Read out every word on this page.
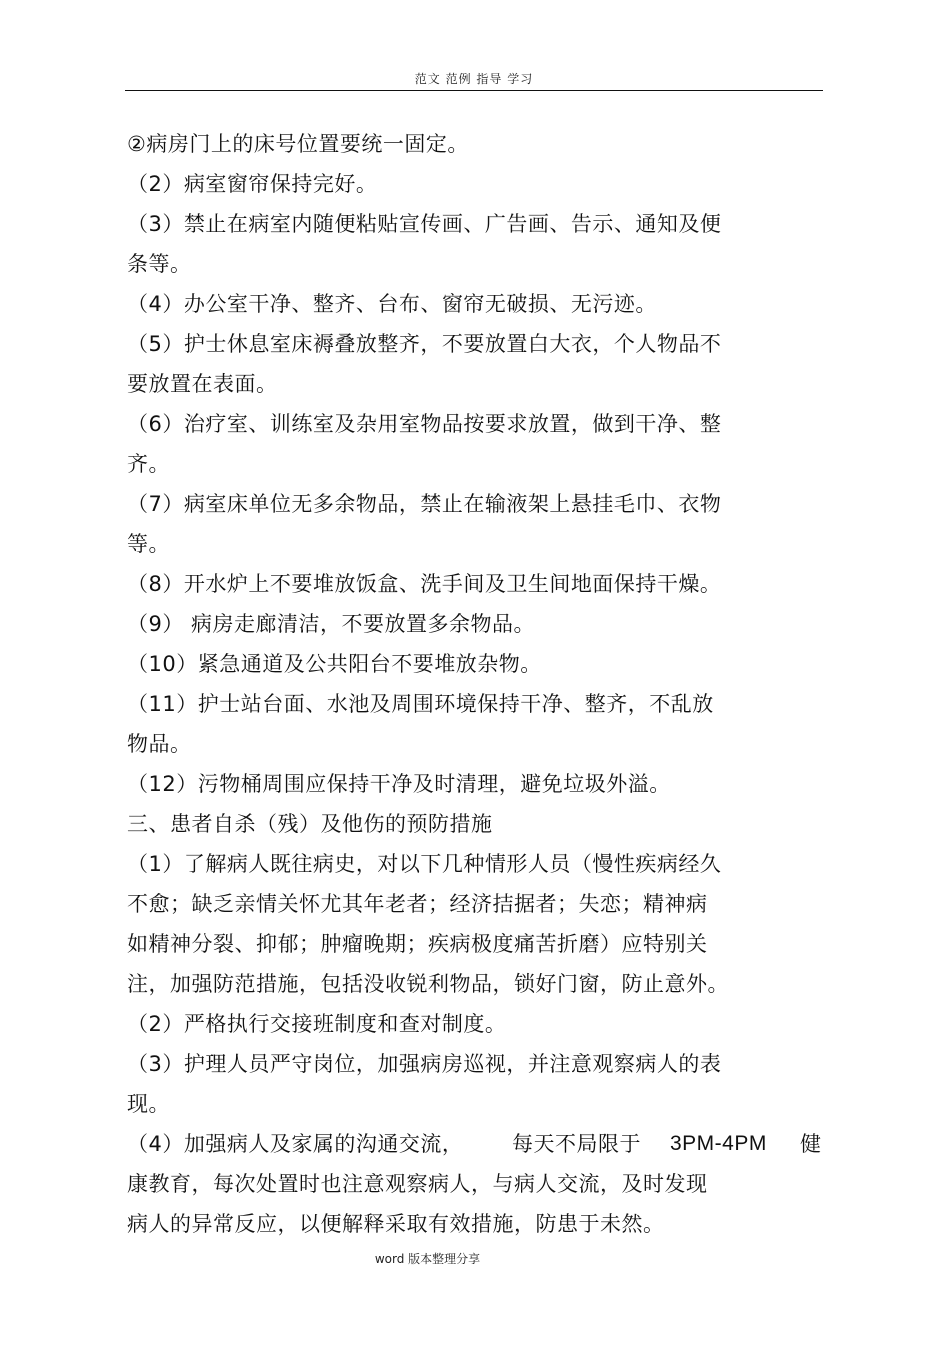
范文 范例 指导 学习
②病房门上的床号位置要统一固定。
（2）病室窗帘保持完好。
（3）禁止在病室内随便粘贴宣传画、广告画、告示、通知及便
条等。
（4）办公室干净、整齐、台布、窗帘无破损、无污迹。
（5）护士休息室床褥叠放整齐，不要放置白大衣，个人物品不
要放置在表面。
（6）治疗室、训练室及杂用室物品按要求放置，做到干净、整
齐。
（7）病室床单位无多余物品，禁止在输液架上悬挂毛巾、衣物
等。
（8）开水炉上不要堆放饭盒、洗手间及卫生间地面保持干燥。
（9） 病房走廊清洁，不要放置多余物品。
（10）紧急通道及公共阳台不要堆放杂物。
（11）护士站台面、水池及周围环境保持干净、整齐，不乱放
物品。
（12）污物桶周围应保持干净及时清理，避免垃圾外溢。
三、患者自杀（残）及他伤的预防措施
（1）了解病人既往病史，对以下几种情形人员（慢性疾病经久
不愈；缺乏亲情关怀尤其年老者；经济拮据者；失恋；精神病
如精神分裂、抑郁；肿瘤晚期；疾病极度痛苦折磨）应特别关
注，加强防范措施，包括没收锐利物品，锁好门窗，防止意外。
（2）严格执行交接班制度和查对制度。
（3）护理人员严守岗位，加强病房巡视，并注意观察病人的表
现。
（4）加强病人及家属的沟通交流，	每天不局限于	3PM-4PM	健
康教育，每次处置时也注意观察病人，与病人交流，及时发现
病人的异常反应，以便解释采取有效措施，防患于未然。
word 版本整理分享
